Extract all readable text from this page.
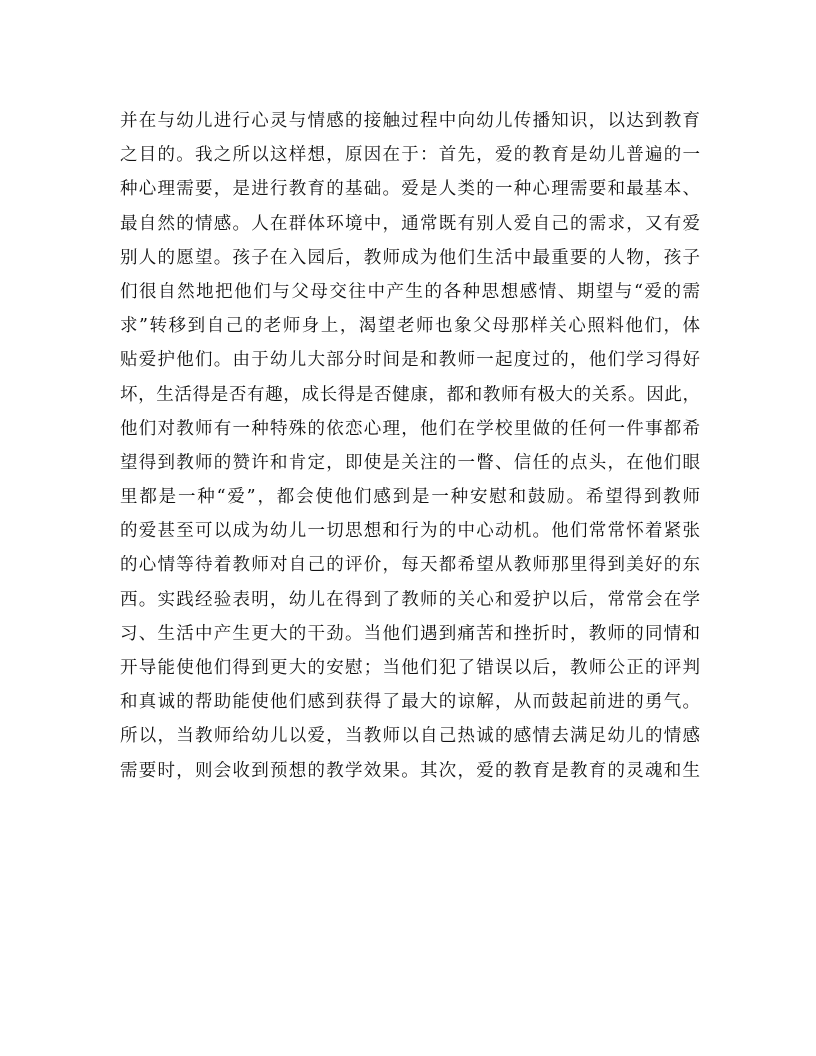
并在与幼儿进行心灵与情感的接触过程中向幼儿传播知识，以达到教育
之目的。我之所以这样想，原因在于：首先，爱的教育是幼儿普遍的一
种心理需要，是进行教育的基础。爱是人类的一种心理需要和最基本、
最自然的情感。人在群体环境中，通常既有别人爱自己的需求，又有爱
别人的愿望。孩子在入园后，教师成为他们生活中最重要的人物，孩子
们很自然地把他们与父母交往中产生的各种思想感情、期望与“爱的需
求”转移到自己的老师身上，渴望老师也象父母那样关心照料他们，体
贴爱护他们。由于幼儿大部分时间是和教师一起度过的，他们学习得好
坏，生活得是否有趣，成长得是否健康，都和教师有极大的关系。因此，
他们对教师有一种特殊的依恋心理，他们在学校里做的任何一件事都希
望得到教师的赞许和肯定，即使是关注的一瞥、信任的点头，在他们眼
里都是一种“爱”，都会使他们感到是一种安慰和鼓励。希望得到教师
的爱甚至可以成为幼儿一切思想和行为的中心动机。他们常常怀着紧张
的心情等待着教师对自己的评价，每天都希望从教师那里得到美好的东
西。实践经验表明，幼儿在得到了教师的关心和爱护以后，常常会在学
习、生活中产生更大的干劲。当他们遇到痛苦和挫折时，教师的同情和
开导能使他们得到更大的安慰；当他们犯了错误以后，教师公正的评判
和真诚的帮助能使他们感到获得了最大的谅解，从而鼓起前进的勇气。
所以，当教师给幼儿以爱，当教师以自己热诚的感情去满足幼儿的情感
需要时，则会收到预想的教学效果。其次，爱的教育是教育的灵魂和生
